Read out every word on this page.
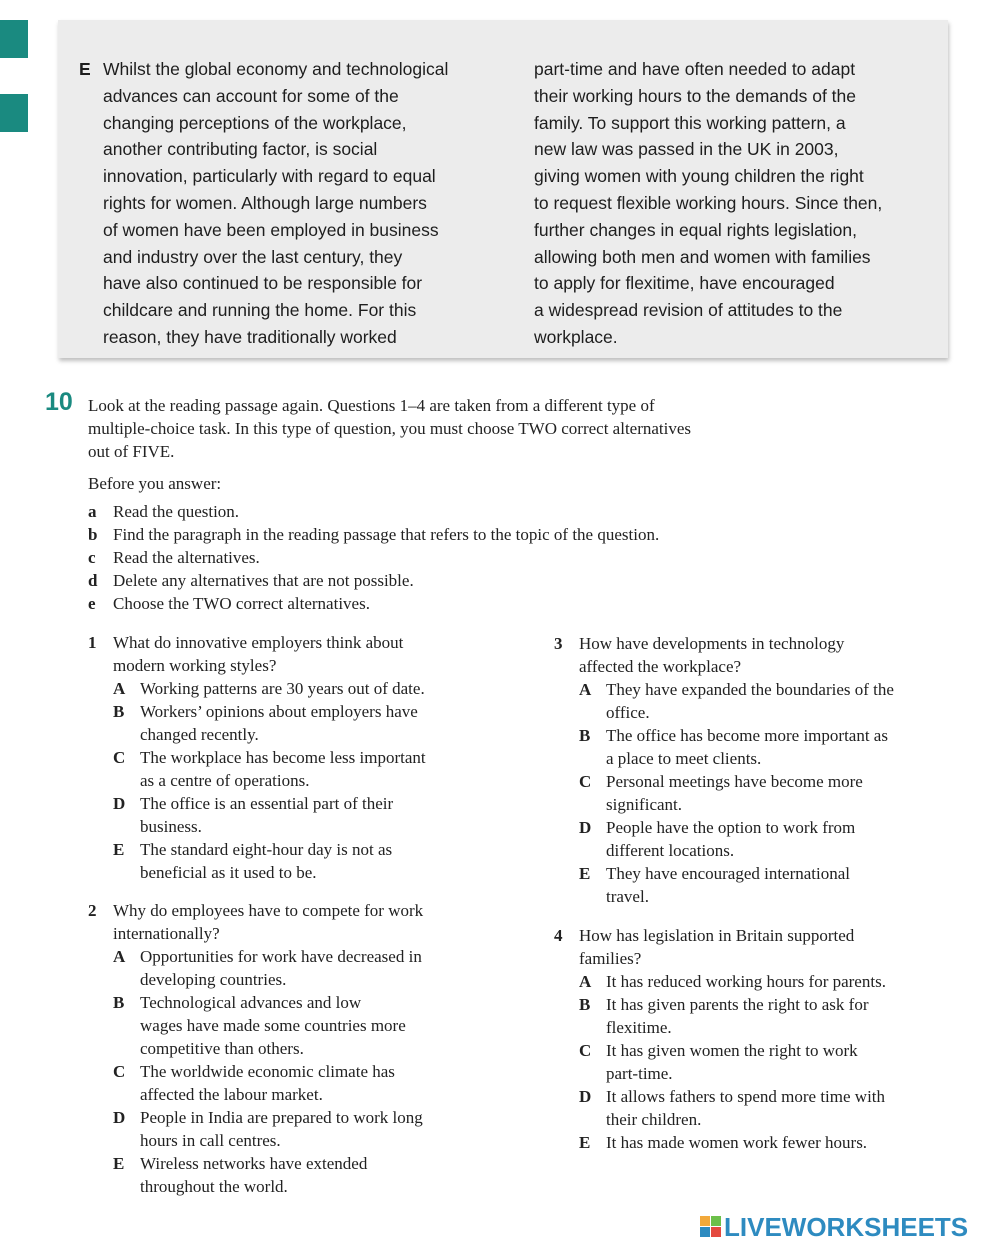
E Whilst the global economy and technological
advances can account for some of the
changing perceptions of the workplace,
another contributing factor, is social
innovation, particularly with regard to equal
rights for women. Although large numbers
of women have been employed in business
and industry over the last century, they
have also continued to be responsible for
childcare and running the home. For this
reason, they have traditionally worked
part-time and have often needed to adapt
their working hours to the demands of the
family. To support this working pattern, a
new law was passed in the UK in 2003,
giving women with young children the right
to request flexible working hours. Since then,
further changes in equal rights legislation,
allowing both men and women with families
to apply for flexitime, have encouraged
a widespread revision of attitudes to the
workplace.
10 Look at the reading passage again. Questions 1–4 are taken from a different type of
multiple-choice task. In this type of question, you must choose TWO correct alternatives
out of FIVE.
Before you answer:
a Read the question.
b Find the paragraph in the reading passage that refers to the topic of the question.
c Read the alternatives.
d Delete any alternatives that are not possible.
e Choose the TWO correct alternatives.
1 What do innovative employers think about
modern working styles?
A Working patterns are 30 years out of date.
B Workers’ opinions about employers have
changed recently.
C The workplace has become less important
as a centre of operations.
D The office is an essential part of their
business.
E The standard eight-hour day is not as
beneficial as it used to be.
2 Why do employees have to compete for work
internationally?
A Opportunities for work have decreased in
developing countries.
B Technological advances and low
wages have made some countries more
competitive than others.
C The worldwide economic climate has
affected the labour market.
D People in India are prepared to work long
hours in call centres.
E Wireless networks have extended
throughout the world.
3 How have developments in technology
affected the workplace?
A They have expanded the boundaries of the
office.
B The office has become more important as
a place to meet clients.
C Personal meetings have become more
significant.
D People have the option to work from
different locations.
E They have encouraged international
travel.
4 How has legislation in Britain supported
families?
A It has reduced working hours for parents.
B It has given parents the right to ask for
flexitime.
C It has given women the right to work
part-time.
D It allows fathers to spend more time with
their children.
E It has made women work fewer hours.
LIVEWORKSHEETS
